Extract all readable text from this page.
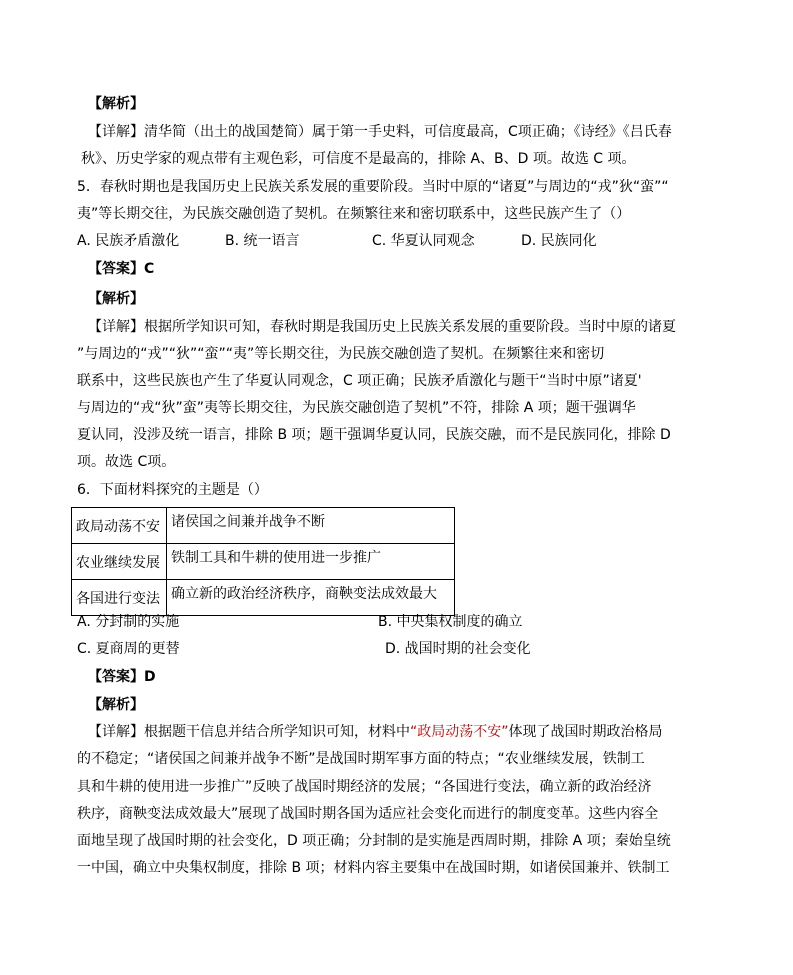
【解析】
【详解】清华简（出土的战国楚简）属于第一手史料，可信度最高，C项正确；《诗经》《吕氏春
秋》、历史学家的观点带有主观色彩，可信度不是最高的，排除 A、B、D 项。故选 C 项。
5．春秋时期也是我国历史上民族关系发展的重要阶段。当时中原的“诸夏”与周边的“戎”狄“蛮”“
夷”等长期交往，为民族交融创造了契机。在频繁往来和密切联系中，这些民族产生了（）
A. 民族矛盾激化	B. 统一语言	C. 华夏认同观念	D. 民族同化
【答案】C
【解析】
【详解】根据所学知识可知，春秋时期是我国历史上民族关系发展的重要阶段。当时中原的诸夏
”与周边的“戎”“狄”“蛮”“夷”等长期交往，为民族交融创造了契机。在频繁往来和密切
联系中，这些民族也产生了华夏认同观念，C 项正确；民族矛盾激化与题干“当时中原”诸夏'
与周边的“戎“狄”蛮”夷等长期交往，为民族交融创造了契机”不符，排除 A 项；题干强调华
夏认同，没涉及统一语言，排除 B 项；题干强调华夏认同，民族交融，而不是民族同化，排除 D
项。故选 C项。
6．下面材料探究的主题是（）
政局动荡不安	诸侯国之间兼并战争不断
农业继续发展	铁制工具和牛耕的使用进一步推广
各国进行变法	确立新的政治经济秩序，商鞅变法成效最大
A. 分封制的实施	B. 中央集权制度的确立
C. 夏商周的更替	D. 战国时期的社会变化
【答案】D
【解析】
【详解】根据题干信息并结合所学知识可知，材料中“政局动荡不安”体现了战国时期政治格局
的不稳定；“诸侯国之间兼并战争不断”是战国时期军事方面的特点；“农业继续发展，铁制工
具和牛耕的使用进一步推广”反映了战国时期经济的发展；“各国进行变法，确立新的政治经济
秩序，商鞅变法成效最大”展现了战国时期各国为适应社会变化而进行的制度变革。这些内容全
面地呈现了战国时期的社会变化，D 项正确；分封制的是实施是西周时期，排除 A 项；秦始皇统
一中国，确立中央集权制度，排除 B 项；材料内容主要集中在战国时期，如诸侯国兼并、铁制工
